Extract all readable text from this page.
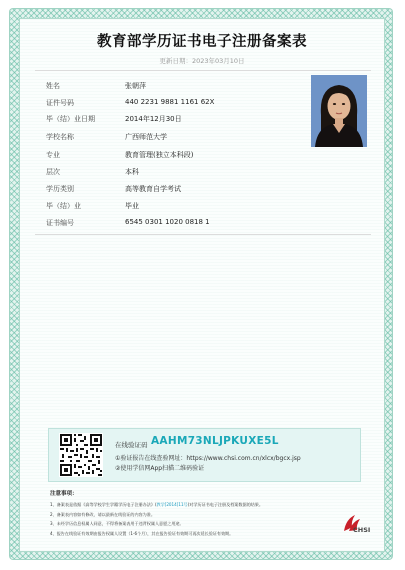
教育部学历证书电子注册备案表
更新日期：2023年03月10日
姓名	张朝萍
证件号码	440 2231 9881 1161 62X
毕（结）业日期	2014年12月30日
学校名称	广西师范大学
专业	教育管理(独立本科段)
层次	本科
学历类别	高等教育自学考试
毕（结）业	毕业
证书编号	6545 0301 1020 0818 1
在线验证码 AAHM73NLJPKUXE5L
①验证报告在线查验网址：https://www.chsi.com.cn/xlcx/bgcx.jsp
②使用学信网App扫描二维码验证
注意事项：
1、备案表是依据《高等学校学生学籍学历电子注册办法》(教学[2014]11号)对学历证书电子注册及档案数据的结果。
2、备案表内容如有修改，请以最新在线验证的内容为准。
3、未经学历信息权属人同意，不得将备案表用于违背权属人意愿之用途。
4、报告在线验证有效期由报告权属人设置（1-6个月），其在报告验证有效期可再次延长验证有效期。	CHSI
